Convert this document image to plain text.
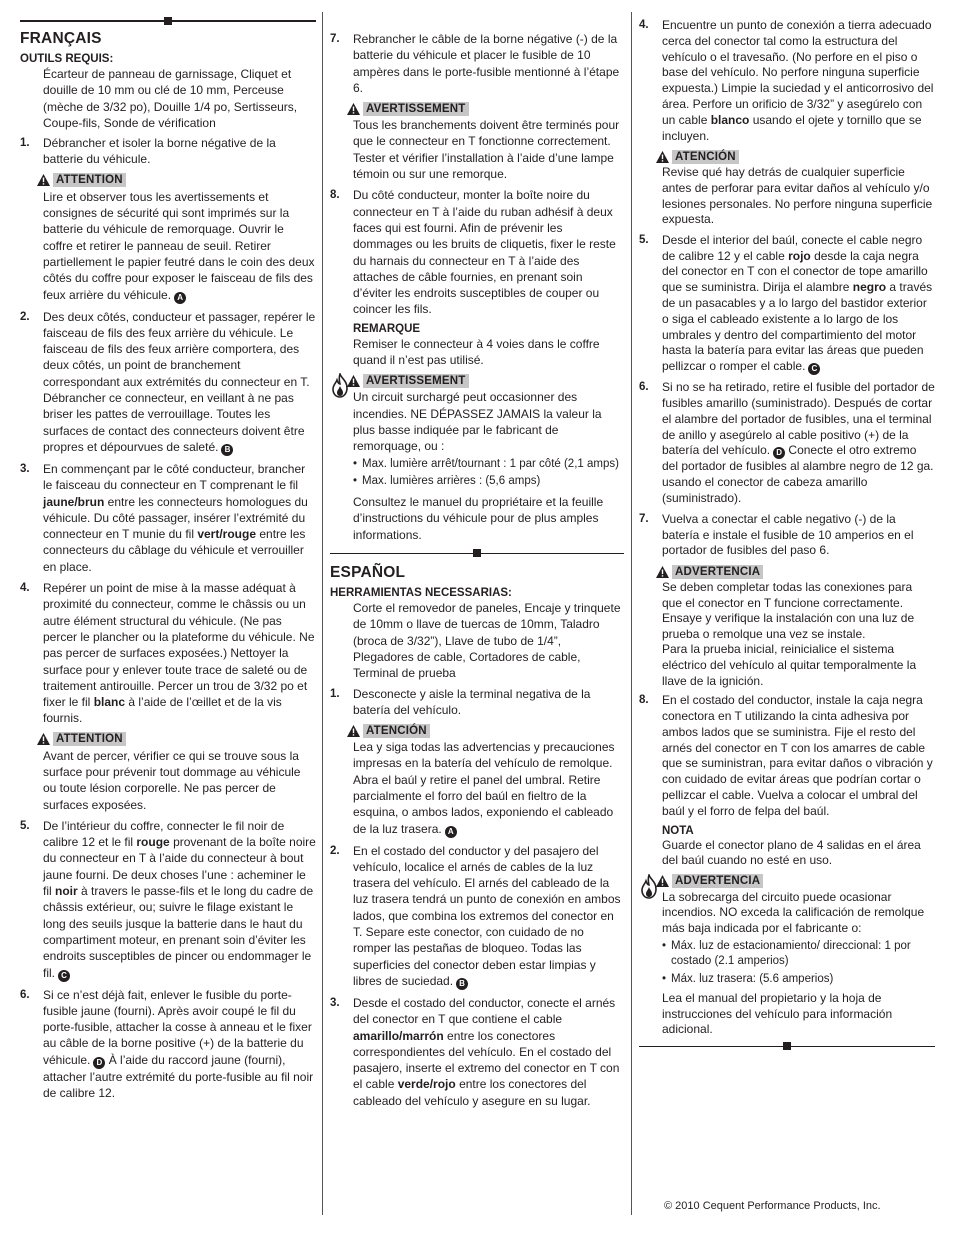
FRANÇAIS
OUTILS REQUIS:
Écarteur de panneau de garnissage, Cliquet et douille de 10 mm ou clé de 10 mm, Perceuse (mèche de 3/32 po), Douille 1/4 po, Sertisseurs, Coupe-fils, Sonde de vérification
1. Débrancher et isoler la borne négative de la batterie du véhicule.
ATTENTION
Lire et observer tous les avertissements et consignes de sécurité qui sont imprimés sur la batterie du véhicule de remorquage. Ouvrir le coffre et retirer le panneau de seuil. Retirer partiellement le papier feutré dans le coin des deux côtés du coffre pour exposer le faisceau de fils des feux arrière du véhicule. A
2. Des deux côtés, conducteur et passager, repérer le faisceau de fils des feux arrière du véhicule. Le faisceau de fils des feux arrière comportera, des deux côtés, un point de branchement correspondant aux extrémités du connecteur en T. Débrancher ce connecteur, en veillant à ne pas briser les pattes de verrouillage. Toutes les surfaces de contact des connecteurs doivent être propres et dépourvues de saleté. B
3. En commençant par le côté conducteur, brancher le faisceau du connecteur en T comprenant le fil jaune/brun entre les connecteurs homologues du véhicule. Du côté passager, insérer l’extrémité du connecteur en T munie du fil vert/rouge entre les connecteurs du câblage du véhicule et verrouiller en place.
4. Repérer un point de mise à la masse adéquat à proximité du connecteur, comme le châssis ou un autre élément structural du véhicule. (Ne pas percer le plancher ou la plateforme du véhicule. Ne pas percer de surfaces exposées.) Nettoyer la surface pour y enlever toute trace de saleté ou de traitement antirouille. Percer un trou de 3/32 po et fixer le fil blanc à l’aide de l’œillet et de la vis fournis.
ATTENTION
Avant de percer, vérifier ce qui se trouve sous la surface pour prévenir tout dommage au véhicule ou toute lésion corporelle. Ne pas percer de surfaces exposées.
5. De l’intérieur du coffre, connecter le fil noir de calibre 12 et le fil rouge provenant de la boîte noire du connecteur en T à l’aide du connecteur à bout jaune fourni. De deux choses l’une : acheminer le fil noir à travers le passe-fils et le long du cadre de châssis extérieur, ou; suivre le filage existant le long des seuils jusque la batterie dans le haut du compartiment moteur, en prenant soin d’éviter les endroits susceptibles de pincer ou endommager le fil. C
6. Si ce n’est déjà fait, enlever le fusible du porte-fusible jaune (fourni). Après avoir coupé le fil du porte-fusible, attacher la cosse à anneau et le fixer au câble de la borne positive (+) de la batterie du véhicule. D À l’aide du raccord jaune (fourni), attacher l’autre extrémité du porte-fusible au fil noir de calibre 12.
7. Rebrancher le câble de la borne négative (-) de la batterie du véhicule et placer le fusible de 10 ampères dans le porte-fusible mentionné à l’étape 6.
AVERTISSEMENT
Tous les branchements doivent être terminés pour que le connecteur en T fonctionne correctement. Tester et vérifier l’installation à l’aide d’une lampe témoin ou sur une remorque.
8. Du côté conducteur, monter la boîte noire du connecteur en T à l’aide du ruban adhésif à deux faces qui est fourni. Afin de prévenir les dommages ou les bruits de cliquetis, fixer le reste du harnais du connecteur en T à l’aide des attaches de câble fournies, en prenant soin d’éviter les endroits susceptibles de couper ou coincer les fils.
REMARQUE
Remiser le connecteur à 4 voies dans le coffre quand il n’est pas utilisé.
AVERTISSEMENT
Un circuit surchargé peut occasionner des incendies. NE DÉPASSEZ JAMAIS la valeur la plus basse indiquée par le fabricant de remorquage, ou :
• Max. lumière arrêt/tournant : 1 par côté (2,1 amps)
• Max. lumières arrières : (5,6 amps)
Consultez le manuel du propriétaire et la feuille d’instructions du véhicule pour de plus amples informations.
ESPAÑOL
HERRAMIENTAS NECESSARIAS:
Corte el removedor de paneles, Encaje y trinquete de 10mm o llave de tuercas de 10mm, Taladro (broca de 3/32”), Llave de tubo de 1/4”, Plegadores de cable, Cortadores de cable, Terminal de prueba
1. Desconecte y aisle la terminal negativa de la batería del vehículo.
ATENCIÓN
Lea y siga todas las advertencias y precauciones impresas en la batería del vehículo de remolque. Abra el baúl y retire el panel del umbral. Retire parcialmente el forro del baúl en fieltro de la esquina, o ambos lados, exponiendo el cableado de la luz trasera. A
2. En el costado del conductor y del pasajero del vehículo, localice el arnés de cables de la luz trasera del vehículo. El arnés del cableado de la luz trasera tendrá un punto de conexión en ambos lados, que combina los extremos del conector en T. Separe este conector, con cuidado de no romper las pestañas de bloqueo. Todas las superficies del conector deben estar limpias y libres de suciedad. B
3. Desde el costado del conductor, conecte el arnés del conector en T que contiene el cable amarillo/marrón entre los conectores correspondientes del vehículo. En el costado del pasajero, inserte el extremo del conector en T con el cable verde/rojo entre los conectores del cableado del vehículo y asegure en su lugar.
4. Encuentre un punto de conexión a tierra adecuado cerca del conector tal como la estructura del vehículo o el travesaño. (No perfore en el piso o base del vehículo. No perfore ninguna superficie expuesta.) Limpie la suciedad y el anticorrosivo del área. Perfore un orificio de 3/32” y asegúrelo con un cable blanco usando el ojete y tornillo que se incluyen.
ATENCIÓN
Revise qué hay detrás de cualquier superficie antes de perforar para evitar daños al vehículo y/o lesiones personales. No perfore ninguna superficie expuesta.
5. Desde el interior del baúl, conecte el cable negro de calibre 12 y el cable rojo desde la caja negra del conector en T con el conector de tope amarillo que se suministra. Dirija el alambre negro a través de un pasacables y a lo largo del bastidor exterior o siga el cableado existente a lo largo de los umbrales y dentro del compartimiento del motor hasta la batería para evitar las áreas que pueden pellizcar o romper el cable. C
6. Si no se ha retirado, retire el fusible del portador de fusibles amarillo (suministrado). Después de cortar el alambre del portador de fusibles, una el terminal de anillo y asegúrelo al cable positivo (+) de la batería del vehículo. D Conecte el otro extremo del portador de fusibles al alambre negro de 12 ga. usando el conector de cabeza amarillo (suministrado).
7. Vuelva a conectar el cable negativo (-) de la batería e instale el fusible de 10 amperios en el portador de fusibles del paso 6.
ADVERTENCIA
Se deben completar todas las conexiones para que el conector en T funcione correctamente. Ensaye y verifique la instalación con una luz de prueba o remolque una vez se instale.
Para la prueba inicial, reinicialice el sistema eléctrico del vehículo al quitar temporalmente la llave de la ignición.
8. En el costado del conductor, instale la caja negra conectora en T utilizando la cinta adhesiva por ambos lados que se suministra. Fije el resto del arnés del conector en T con los amarres de cable que se suministran, para evitar daños o vibración y con cuidado de evitar áreas que podrían cortar o pellizcar el cable. Vuelva a colocar el umbral del baúl y el forro de felpa del baúl.
NOTA
Guarde el conector plano de 4 salidas en el área del baúl cuando no esté en uso.
ADVERTENCIA
La sobrecarga del circuito puede ocasionar incendios. NO exceda la calificación de remolque más baja indicada por el fabricante o:
• Máx. luz de estacionamiento/ direccional: 1 por costado (2.1 amperios)
• Máx. luz trasera: (5.6 amperios)
Lea el manual del propietario y la hoja de instrucciones del vehículo para información adicional.
© 2010 Cequent Performance Products, Inc.
